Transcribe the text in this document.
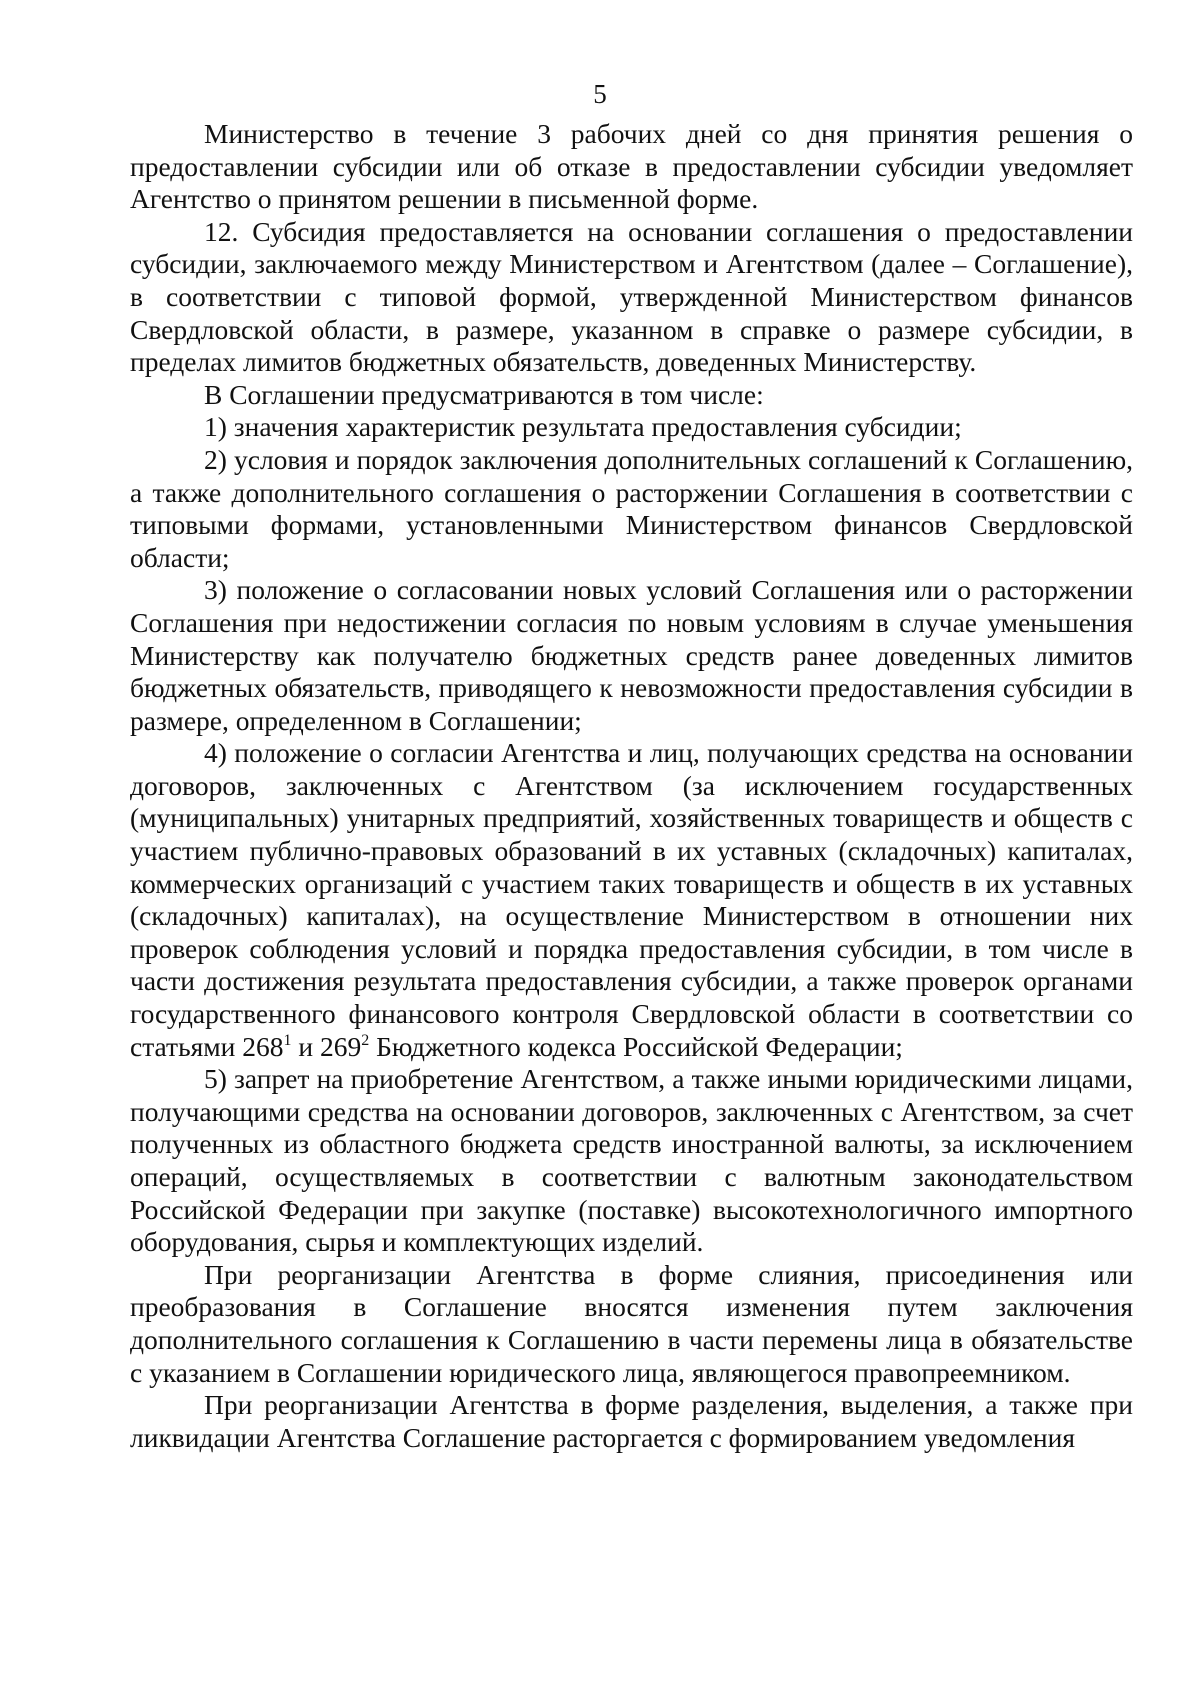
5

Министерство в течение 3 рабочих дней со дня принятия решения о предоставлении субсидии или об отказе в предоставлении субсидии уведомляет Агентство о принятом решении в письменной форме.

12. Субсидия предоставляется на основании соглашения о предоставлении субсидии, заключаемого между Министерством и Агентством (далее – Соглашение), в соответствии с типовой формой, утвержденной Министерством финансов Свердловской области, в размере, указанном в справке о размере субсидии, в пределах лимитов бюджетных обязательств, доведенных Министерству.

В Соглашении предусматриваются в том числе:

1) значения характеристик результата предоставления субсидии;

2) условия и порядок заключения дополнительных соглашений к Соглашению, а также дополнительного соглашения о расторжении Соглашения в соответствии с типовыми формами, установленными Министерством финансов Свердловской области;

3) положение о согласовании новых условий Соглашения или о расторжении Соглашения при недостижении согласия по новым условиям в случае уменьшения Министерству как получателю бюджетных средств ранее доведенных лимитов бюджетных обязательств, приводящего к невозможности предоставления субсидии в размере, определенном в Соглашении;

4) положение о согласии Агентства и лиц, получающих средства на основании договоров, заключенных с Агентством (за исключением государственных (муниципальных) унитарных предприятий, хозяйственных товариществ и обществ с участием публично-правовых образований в их уставных (складочных) капиталах, коммерческих организаций с участием таких товариществ и обществ в их уставных (складочных) капиталах), на осуществление Министерством в отношении них проверок соблюдения условий и порядка предоставления субсидии, в том числе в части достижения результата предоставления субсидии, а также проверок органами государственного финансового контроля Свердловской области в соответствии со статьями $268^1$ и $269^2$ Бюджетного кодекса Российской Федерации;

5) запрет на приобретение Агентством, а также иными юридическими лицами, получающими средства на основании договоров, заключенных с Агентством, за счет полученных из областного бюджета средств иностранной валюты, за исключением операций, осуществляемых в соответствии с валютным законодательством Российской Федерации при закупке (поставке) высокотехнологичного импортного оборудования, сырья и комплектующих изделий.

При реорганизации Агентства в форме слияния, присоединения или преобразования в Соглашение вносятся изменения путем заключения дополнительного соглашения к Соглашению в части перемены лица в обязательстве с указанием в Соглашении юридического лица, являющегося правопреемником.

При реорганизации Агентства в форме разделения, выделения, а также при ликвидации Агентства Соглашение расторгается с формированием уведомления
